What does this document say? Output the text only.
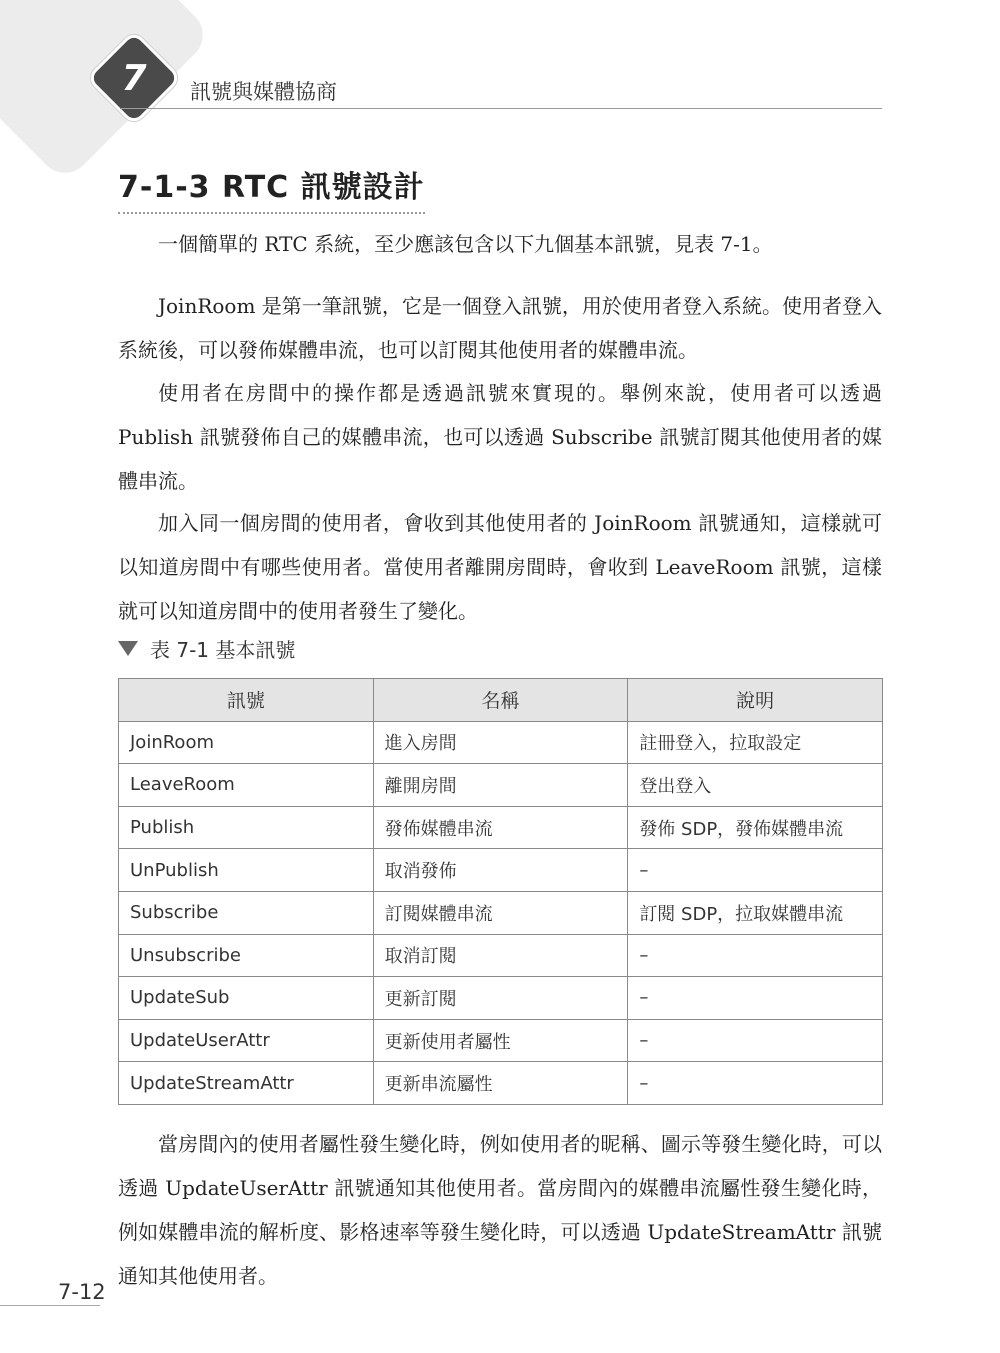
7	訊號與媒體協商
7-1-3 RTC 訊號設計

一個簡單的 RTC 系統，至少應該包含以下九個基本訊號，見表 7-1。

JoinRoom 是第一筆訊號，它是一個登入訊號，用於使用者登入系統。使用者登入系統後，可以發佈媒體串流，也可以訂閱其他使用者的媒體串流。

使用者在房間中的操作都是透過訊號來實現的。舉例來說，使用者可以透過 Publish 訊號發佈自己的媒體串流，也可以透過 Subscribe 訊號訂閱其他使用者的媒體串流。

加入同一個房間的使用者，會收到其他使用者的 JoinRoom 訊號通知，這樣就可以知道房間中有哪些使用者。當使用者離開房間時，會收到 LeaveRoom 訊號，這樣就可以知道房間中的使用者發生了變化。

表 7-1 基本訊號
訊號	名稱	說明
JoinRoom	進入房間	註冊登入，拉取設定
LeaveRoom	離開房間	登出登入
Publish	發佈媒體串流	發佈 SDP，發佈媒體串流
UnPublish	取消發佈	–
Subscribe	訂閱媒體串流	訂閱 SDP，拉取媒體串流
Unsubscribe	取消訂閱	–
UpdateSub	更新訂閱	–
UpdateUserAttr	更新使用者屬性	–
UpdateStreamAttr	更新串流屬性	–

當房間內的使用者屬性發生變化時，例如使用者的昵稱、圖示等發生變化時，可以透過 UpdateUserAttr 訊號通知其他使用者。當房間內的媒體串流屬性發生變化時，例如媒體串流的解析度、影格速率等發生變化時，可以透過 UpdateStreamAttr 訊號通知其他使用者。

7-12
